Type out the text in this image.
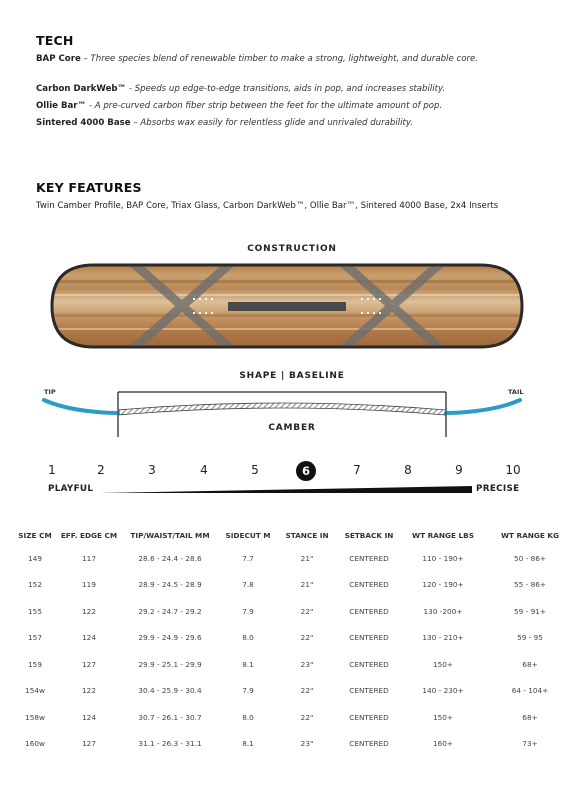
TECH
BAP Core – Three species blend of renewable timber to make a strong, lightweight, and durable core.
Carbon DarkWeb™ - Speeds up edge-to-edge transitions, aids in pop, and increases stability.
Ollie Bar™ - A pre-curved carbon fiber strip between the feet for the ultimate amount of pop.
Sintered 4000 Base – Absorbs wax easily for relentless glide and unrivaled durability.
KEY FEATURES
Twin Camber Profile, BAP Core, Triax Glass, Carbon DarkWeb™, Ollie Bar™, Sintered 4000 Base, 2x4 Inserts
CONSTRUCTION
SHAPE | BASELINE
TIP	TAIL
CAMBER
1	2	3	4	5	6	7	8	9	10
PLAYFUL	PRECISE
SIZE CM	EFF. EDGE CM	TIP/WAIST/TAIL MM	SIDECUT M	STANCE IN	SETBACK IN	WT RANGE LBS	WT RANGE KG
149	117	28.6 - 24.4 - 28.6	7.7	21"	CENTERED	110 - 190+	50 - 86+
152	119	28.9 - 24.5 - 28.9	7.8	21"	CENTERED	120 - 190+	55 - 86+
155	122	29.2 - 24.7 - 29.2	7.9	22"	CENTERED	130 -200+	59 - 91+
157	124	29.9 - 24.9 - 29.6	8.0	22"	CENTERED	130 - 210+	59 - 95
159	127	29.9 - 25.1 - 29.9	8.1	23"	CENTERED	150+	68+
154w	122	30.4 - 25.9 - 30.4	7.9	22"	CENTERED	140 - 230+	64 - 104+
158w	124	30.7 - 26.1 - 30.7	8.0	22"	CENTERED	150+	68+
160w	127	31.1 - 26.3 - 31.1	8.1	23"	CENTERED	160+	73+
